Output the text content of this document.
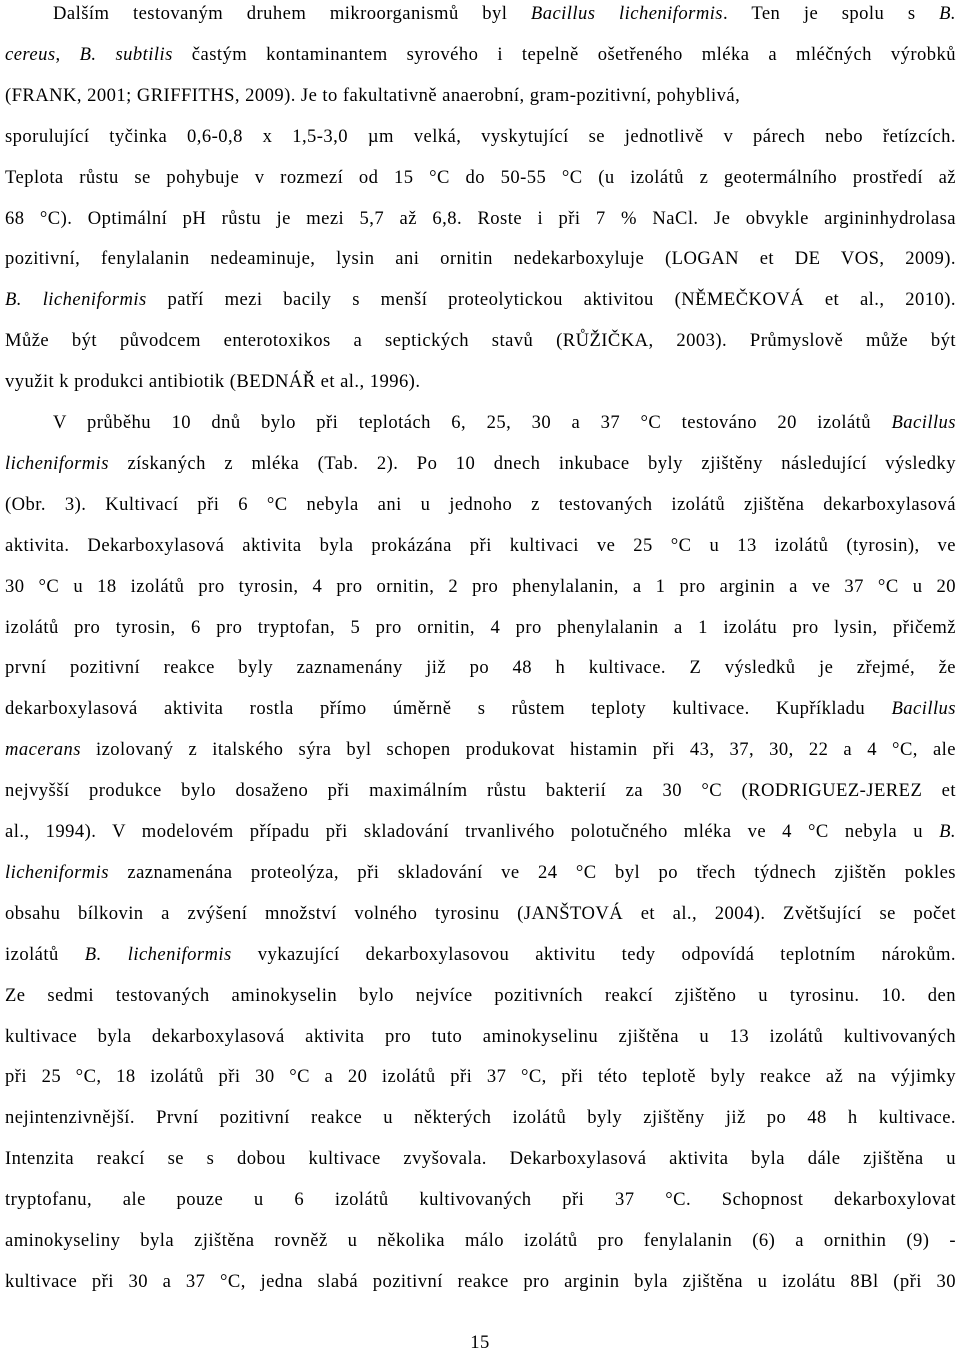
Dalším testovaným druhem mikroorganismů byl Bacillus licheniformis. Ten je spolu s B.
cereus, B. subtilis častým kontaminantem syrového i tepelně ošetřeného mléka a mléčných výrobků
(FRANK, 2001; GRIFFITHS, 2009). Je to fakultativně anaerobní, gram-pozitivní, pohyblivá,
sporulující tyčinka 0,6-0,8 x 1,5-3,0 µm velká, vyskytující se jednotlivě v párech nebo řetízcích.
Teplota růstu se pohybuje v rozmezí od 15 °C do 50-55 °C (u izolátů z geotermálního prostředí až
68 °C). Optimální pH růstu je mezi 5,7 až 6,8. Roste i při 7 % NaCl. Je obvykle argininhydrolasa
pozitivní, fenylalanin nedeaminuje, lysin ani ornitin nedekarboxyluje (LOGAN et DE VOS, 2009).
B. licheniformis patří mezi bacily s menší proteolytickou aktivitou (NĚMEČKOVÁ et al., 2010).
Může být původcem enterotoxikos a septických stavů (RŮŽIČKA, 2003). Průmyslově může být
využit k produkci antibiotik (BEDNÁŘ et al., 1996).
V průběhu 10 dnů bylo při teplotách 6, 25, 30 a 37 °C testováno 20 izolátů Bacillus
licheniformis získaných z mléka (Tab. 2). Po 10 dnech inkubace byly zjištěny následující výsledky
(Obr. 3). Kultivací při 6 °C nebyla ani u jednoho z testovaných izolátů zjištěna dekarboxylasová
aktivita. Dekarboxylasová aktivita byla prokázána při kultivaci ve 25 °C u 13 izolátů (tyrosin), ve
30 °C u 18 izolátů pro tyrosin, 4 pro ornitin, 2 pro phenylalanin, a 1 pro arginin a ve 37 °C u 20
izolátů pro tyrosin, 6 pro tryptofan, 5 pro ornitin, 4 pro phenylalanin a 1 izolátu pro lysin, přičemž
první pozitivní reakce byly zaznamenány již po 48 h kultivace. Z výsledků je zřejmé, že
dekarboxylasová aktivita rostla přímo úměrně s růstem teploty kultivace. Kupříkladu Bacillus
macerans izolovaný z italského sýra byl schopen produkovat histamin při 43, 37, 30, 22 a 4 °C, ale
nejvyšší produkce bylo dosaženo při maximálním růstu bakterií za 30 °C (RODRIGUEZ-JEREZ et
al., 1994). V modelovém případu při skladování trvanlivého polotučného mléka ve 4 °C nebyla u B.
licheniformis zaznamenána proteolýza, při skladování ve 24 °C byl po třech týdnech zjištěn pokles
obsahu bílkovin a zvýšení množství volného tyrosinu (JANŠTOVÁ et al., 2004). Zvětšující se počet
izolátů B. licheniformis vykazující dekarboxylasovou aktivitu tedy odpovídá teplotním nárokům.
Ze sedmi testovaných aminokyselin bylo nejvíce pozitivních reakcí zjištěno u tyrosinu. 10. den
kultivace byla dekarboxylasová aktivita pro tuto aminokyselinu zjištěna u 13 izolátů kultivovaných
při 25 °C, 18 izolátů při 30 °C a 20 izolátů při 37 °C, při této teplotě byly reakce až na výjimky
nejintenzivnější. První pozitivní reakce u některých izolátů byly zjištěny již po 48 h kultivace.
Intenzita reakcí se s dobou kultivace zvyšovala. Dekarboxylasová aktivita byla dále zjištěna u
tryptofanu, ale pouze u 6 izolátů kultivovaných při 37 °C. Schopnost dekarboxylovat
aminokyseliny byla zjištěna rovněž u několika málo izolátů pro fenylalanin (6) a ornithin (9) -
kultivace při 30 a 37 °C, jedna slabá pozitivní reakce pro arginin byla zjištěna u izolátu 8Bl (při 30
15
